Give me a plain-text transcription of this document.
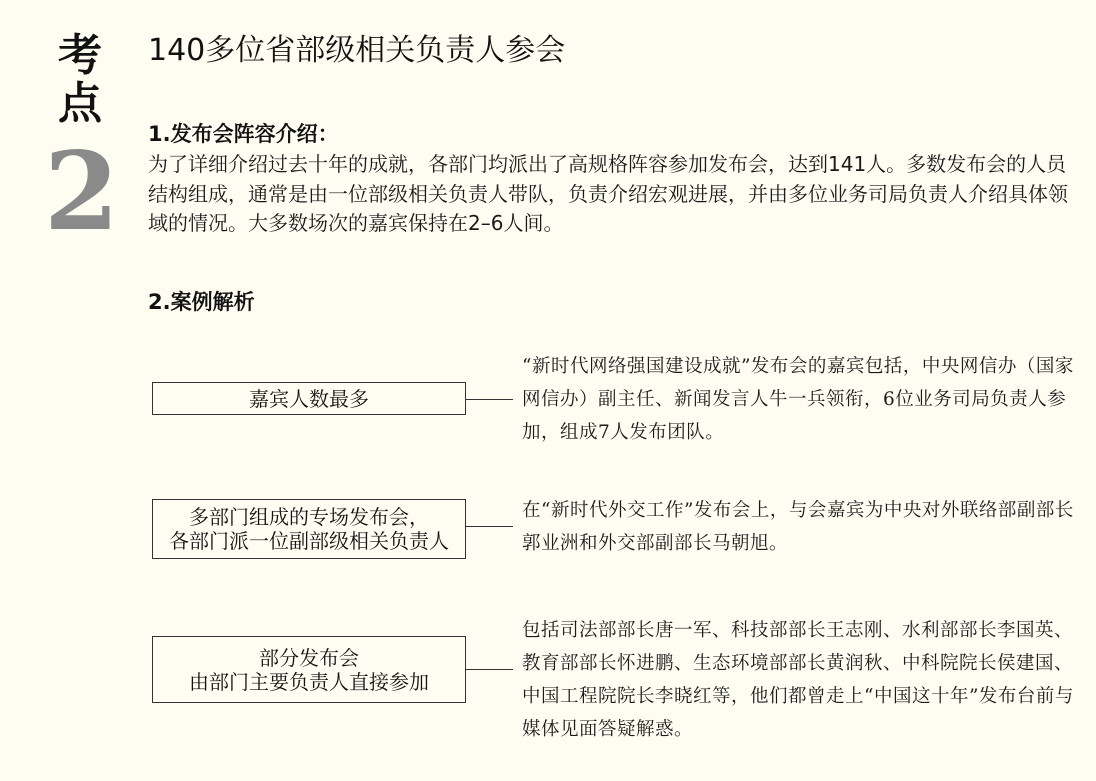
考
点
2
140多位省部级相关负责人参会
1.发布会阵容介绍：
为了详细介绍过去十年的成就，各部门均派出了高规格阵容参加发布会，达到141人。多数发布会的人员结构组成，通常是由一位部级相关负责人带队，负责介绍宏观进展，并由多位业务司局负责人介绍具体领域的情况。大多数场次的嘉宾保持在2–6人间。
2.案例解析
嘉宾人数最多
“新时代网络强国建设成就”发布会的嘉宾包括，中央网信办（国家网信办）副主任、新闻发言人牛一兵领衔，6位业务司局负责人参加，组成7人发布团队。
多部门组成的专场发布会，
各部门派一位副部级相关负责人
在“新时代外交工作”发布会上，与会嘉宾为中央对外联络部副部长郭业洲和外交部副部长马朝旭。
部分发布会
由部门主要负责人直接参加
包括司法部部长唐一军、科技部部长王志刚、水利部部长李国英、教育部部长怀进鹏、生态环境部部长黄润秋、中科院院长侯建国、中国工程院院长李晓红等，他们都曾走上“中国这十年”发布台前与媒体见面答疑解惑。
